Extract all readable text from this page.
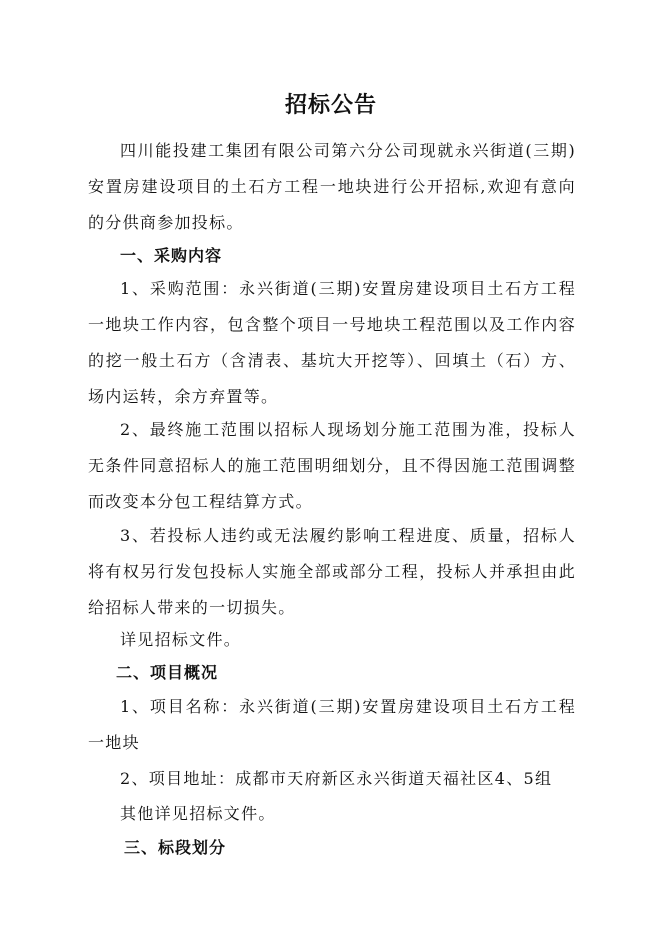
招标公告
四川能投建工集团有限公司第六分公司现就永兴街道(三期)安置房建设项目的土石方工程一地块进行公开招标,欢迎有意向的分供商参加投标。
一、采购内容
1、采购范围：永兴街道(三期)安置房建设项目土石方工程一地块工作内容，包含整个项目一号地块工程范围以及工作内容的挖一般土石方（含清表、基坑大开挖等）、回填土（石）方、场内运转，余方弃置等。
2、最终施工范围以招标人现场划分施工范围为准，投标人无条件同意招标人的施工范围明细划分，且不得因施工范围调整而改变本分包工程结算方式。
3、若投标人违约或无法履约影响工程进度、质量，招标人将有权另行发包投标人实施全部或部分工程，投标人并承担由此给招标人带来的一切损失。
详见招标文件。
二、项目概况
1、项目名称：永兴街道(三期)安置房建设项目土石方工程一地块
2、项目地址：成都市天府新区永兴街道天福社区4、5组
其他详见招标文件。
三、标段划分
